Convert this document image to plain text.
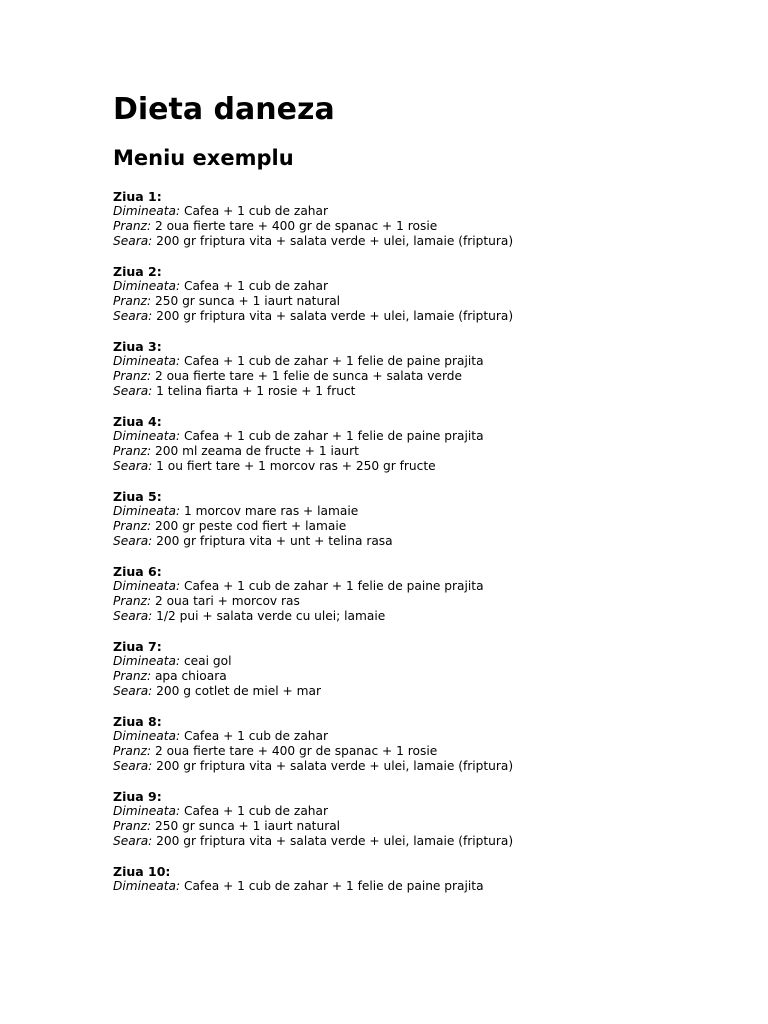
Dieta daneza
Meniu exemplu
Ziua 1:
Dimineata: Cafea + 1 cub de zahar
Pranz: 2 oua fierte tare + 400 gr de spanac + 1 rosie
Seara: 200 gr friptura vita + salata verde + ulei, lamaie (friptura)
Ziua 2:
Dimineata: Cafea + 1 cub de zahar
Pranz: 250 gr sunca + 1 iaurt natural
Seara: 200 gr friptura vita + salata verde + ulei, lamaie (friptura)
Ziua 3:
Dimineata: Cafea + 1 cub de zahar + 1 felie de paine prajita
Pranz: 2 oua fierte tare + 1 felie de sunca + salata verde
Seara: 1 telina fiarta + 1 rosie + 1 fruct
Ziua 4:
Dimineata: Cafea + 1 cub de zahar + 1 felie de paine prajita
Pranz: 200 ml zeama de fructe + 1 iaurt
Seara: 1 ou fiert tare + 1 morcov ras + 250 gr fructe
Ziua 5:
Dimineata: 1 morcov mare ras + lamaie
Pranz: 200 gr peste cod fiert + lamaie
Seara: 200 gr friptura vita + unt + telina rasa
Ziua 6:
Dimineata: Cafea + 1 cub de zahar + 1 felie de paine prajita
Pranz: 2 oua tari + morcov ras
Seara: 1/2 pui + salata verde cu ulei; lamaie
Ziua 7:
Dimineata: ceai gol
Pranz: apa chioara
Seara: 200 g cotlet de miel + mar
Ziua 8:
Dimineata: Cafea + 1 cub de zahar
Pranz: 2 oua fierte tare + 400 gr de spanac + 1 rosie
Seara: 200 gr friptura vita + salata verde + ulei, lamaie (friptura)
Ziua 9:
Dimineata: Cafea + 1 cub de zahar
Pranz: 250 gr sunca + 1 iaurt natural
Seara: 200 gr friptura vita + salata verde + ulei, lamaie (friptura)
Ziua 10:
Dimineata: Cafea + 1 cub de zahar + 1 felie de paine prajita
